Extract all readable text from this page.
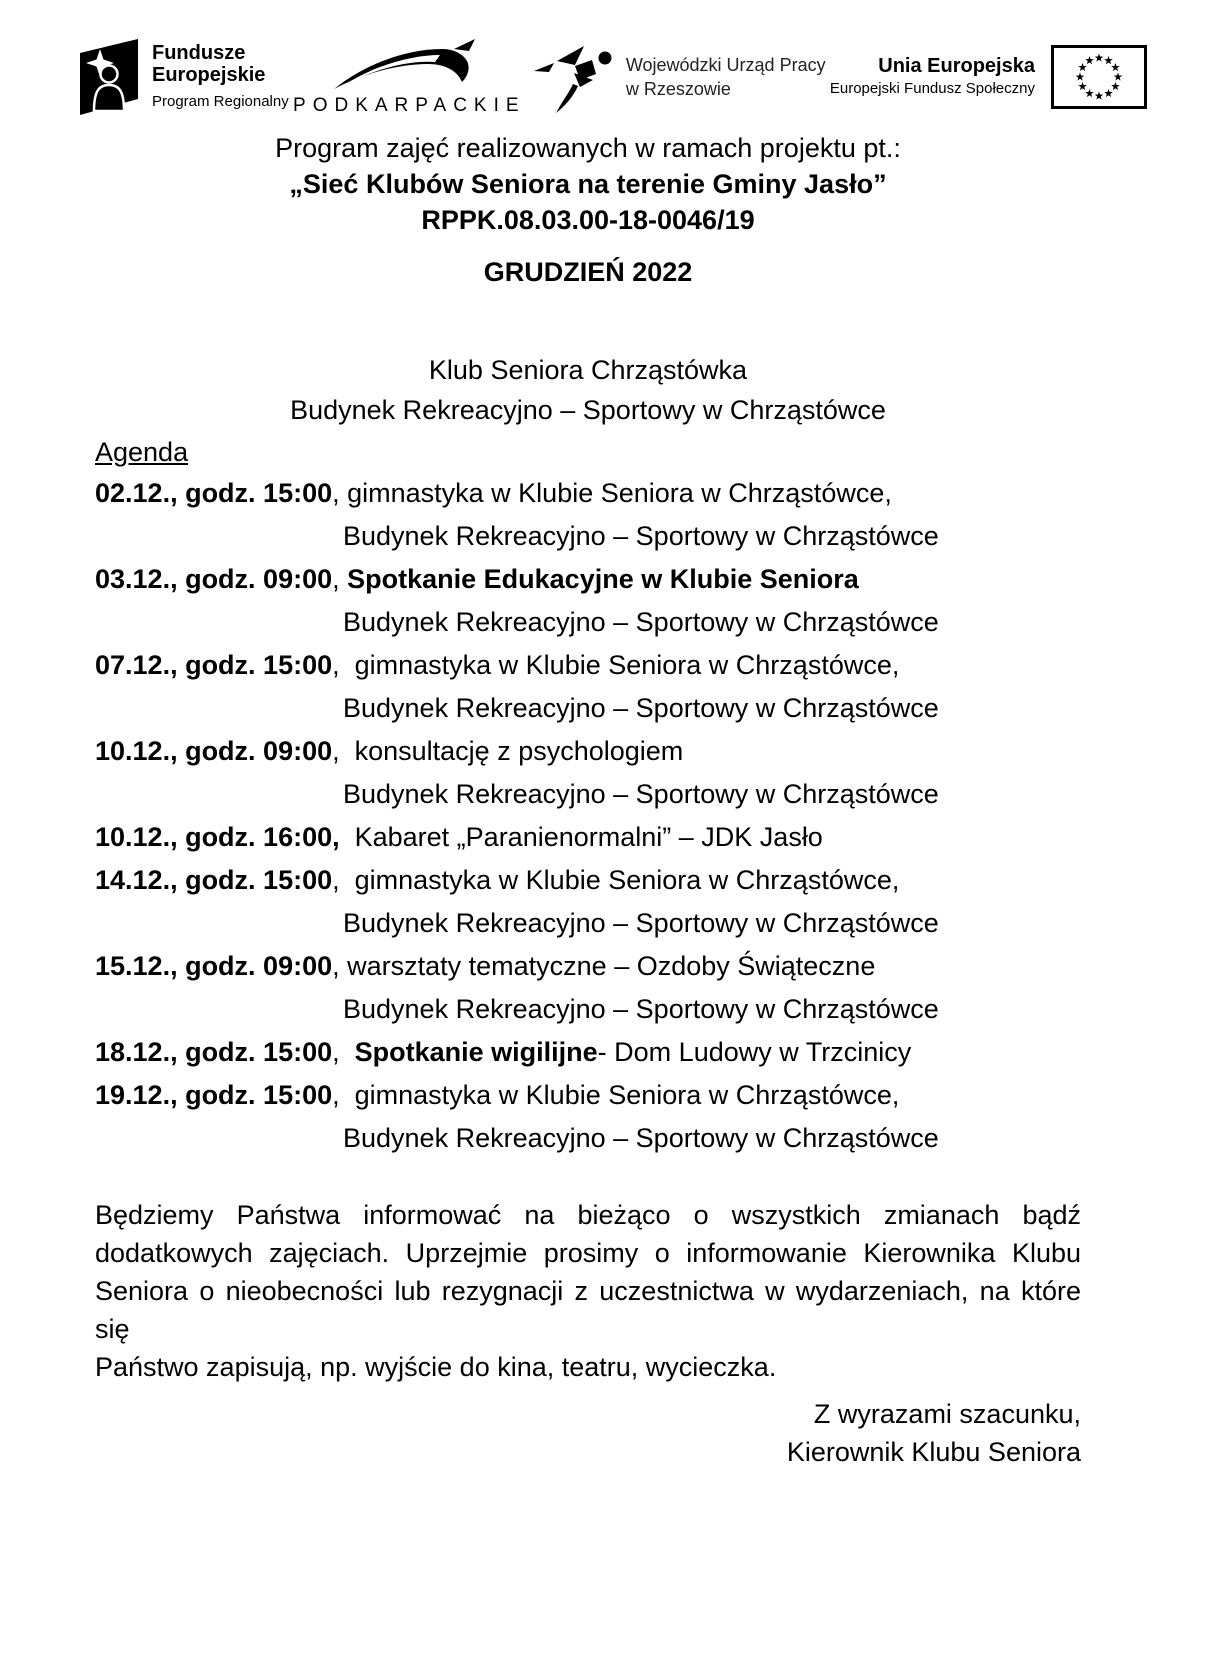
Fundusze
Europejskie
Program Regionalny PODKARPACKIE
Wojewódzki Urząd Pracy
w Rzeszowie
Unia Europejska
Europejski Fundusz Społeczny
Program zajęć realizowanych w ramach projektu pt.:
„Sieć Klubów Seniora na terenie Gminy Jasło”
RPPK.08.03.00-18-0046/19
GRUDZIEŃ 2022
Klub Seniora Chrząstówka
Budynek Rekreacyjno – Sportowy w Chrząstówce
Agenda
02.12., godz. 15:00, gimnastyka w Klubie Seniora w Chrząstówce,
Budynek Rekreacyjno – Sportowy w Chrząstówce
03.12., godz. 09:00, Spotkanie Edukacyjne w Klubie Seniora
Budynek Rekreacyjno – Sportowy w Chrząstówce
07.12., godz. 15:00,  gimnastyka w Klubie Seniora w Chrząstówce,
Budynek Rekreacyjno – Sportowy w Chrząstówce
10.12., godz. 09:00,  konsultację z psychologiem
Budynek Rekreacyjno – Sportowy w Chrząstówce
10.12., godz. 16:00,  Kabaret „Paranienormalni” – JDK Jasło
14.12., godz. 15:00,  gimnastyka w Klubie Seniora w Chrząstówce,
Budynek Rekreacyjno – Sportowy w Chrząstówce
15.12., godz. 09:00, warsztaty tematyczne – Ozdoby Świąteczne
Budynek Rekreacyjno – Sportowy w Chrząstówce
18.12., godz. 15:00,  Spotkanie wigilijne- Dom Ludowy w Trzcinicy
19.12., godz. 15:00,  gimnastyka w Klubie Seniora w Chrząstówce,
Budynek Rekreacyjno – Sportowy w Chrząstówce
Będziemy Państwa informować na bieżąco o wszystkich zmianach bądź
dodatkowych zajęciach. Uprzejmie prosimy o informowanie Kierownika Klubu
Seniora o nieobecności lub rezygnacji z uczestnictwa w wydarzeniach, na które się
Państwo zapisują, np. wyjście do kina, teatru, wycieczka.
Z wyrazami szacunku,
Kierownik Klubu Seniora
